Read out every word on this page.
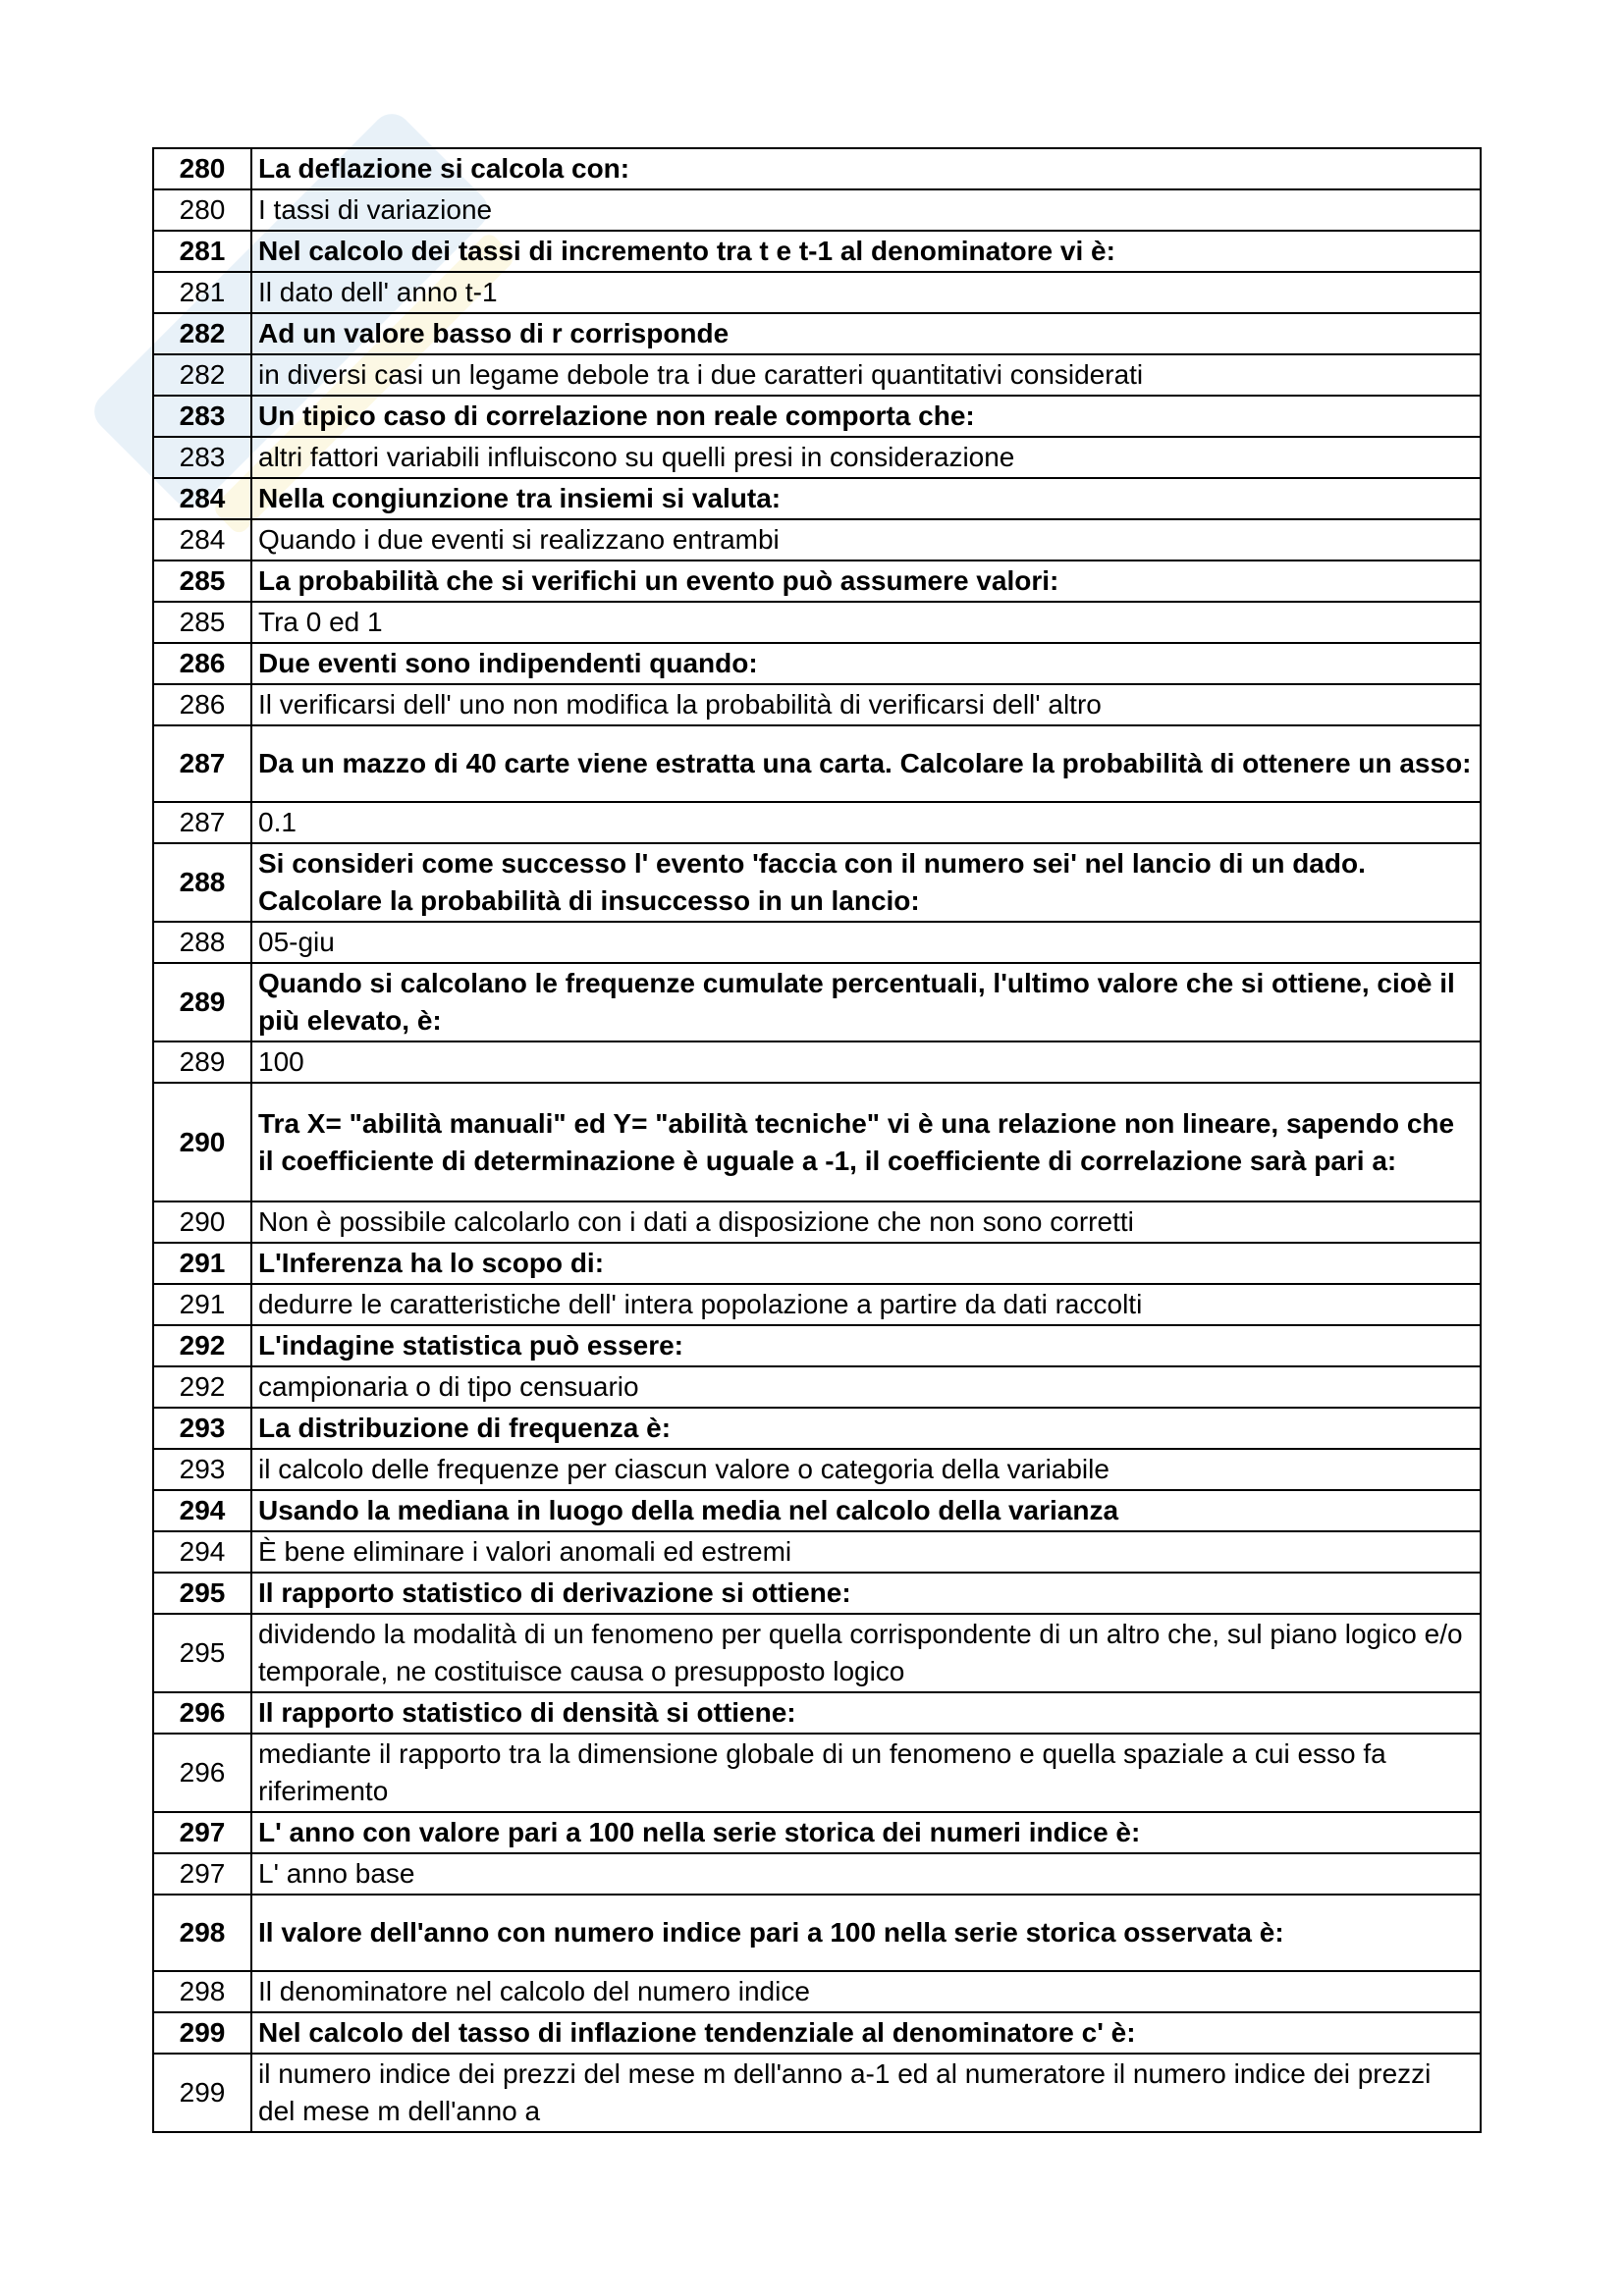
280	La deflazione si calcola con:
280	I tassi di variazione
281	Nel calcolo dei tassi di incremento tra t e t-1 al denominatore vi è:
281	Il dato dell' anno t-1
282	Ad un valore basso di r corrisponde
282	in diversi casi un legame debole tra i due caratteri quantitativi considerati
283	Un tipico caso di correlazione non reale comporta che:
283	altri fattori variabili influiscono su quelli presi in considerazione
284	Nella congiunzione tra insiemi si valuta:
284	Quando i due eventi si realizzano entrambi
285	La probabilità che si verifichi un evento può assumere valori:
285	Tra 0 ed 1
286	Due eventi sono indipendenti quando:
286	Il verificarsi dell' uno non modifica la probabilità di verificarsi dell' altro
287	Da un mazzo di 40 carte viene estratta una carta. Calcolare la probabilità di ottenere un asso:
287	0.1
288	Si consideri come successo l' evento 'faccia con il numero sei' nel lancio di un dado. Calcolare la probabilità di insuccesso in un lancio:
288	05-giu
289	Quando si calcolano le frequenze cumulate percentuali, l'ultimo valore che si ottiene, cioè il più elevato, è:
289	100
290	Tra X= "abilità manuali" ed Y= "abilità tecniche" vi è una relazione non lineare, sapendo che il coefficiente di determinazione è uguale a -1, il coefficiente di correlazione sarà pari a:
290	Non è possibile calcolarlo con i dati a disposizione che non sono corretti
291	L'Inferenza ha lo scopo di:
291	dedurre le caratteristiche dell' intera popolazione a partire da dati raccolti
292	L'indagine statistica può essere:
292	campionaria o di tipo censuario
293	La distribuzione di frequenza è:
293	il calcolo delle frequenze per ciascun valore o categoria della variabile
294	Usando la mediana in luogo della media nel calcolo della varianza
294	È bene eliminare i valori anomali ed estremi
295	Il rapporto statistico di derivazione si ottiene:
295	dividendo la modalità di un fenomeno per quella corrispondente di un altro che, sul piano logico e/o temporale, ne costituisce causa o presupposto logico
296	Il rapporto statistico di densità si ottiene:
296	mediante il rapporto tra la dimensione globale di un fenomeno e quella spaziale a cui esso fa riferimento
297	L' anno con valore pari a 100 nella serie storica dei numeri indice è:
297	L' anno base
298	Il valore dell'anno con numero indice pari a 100 nella serie storica osservata è:
298	Il denominatore nel calcolo del numero indice
299	Nel calcolo del tasso di inflazione tendenziale al denominatore c' è:
299	il numero indice dei prezzi del mese m dell'anno a-1 ed al numeratore il numero indice dei prezzi del mese m dell'anno a
